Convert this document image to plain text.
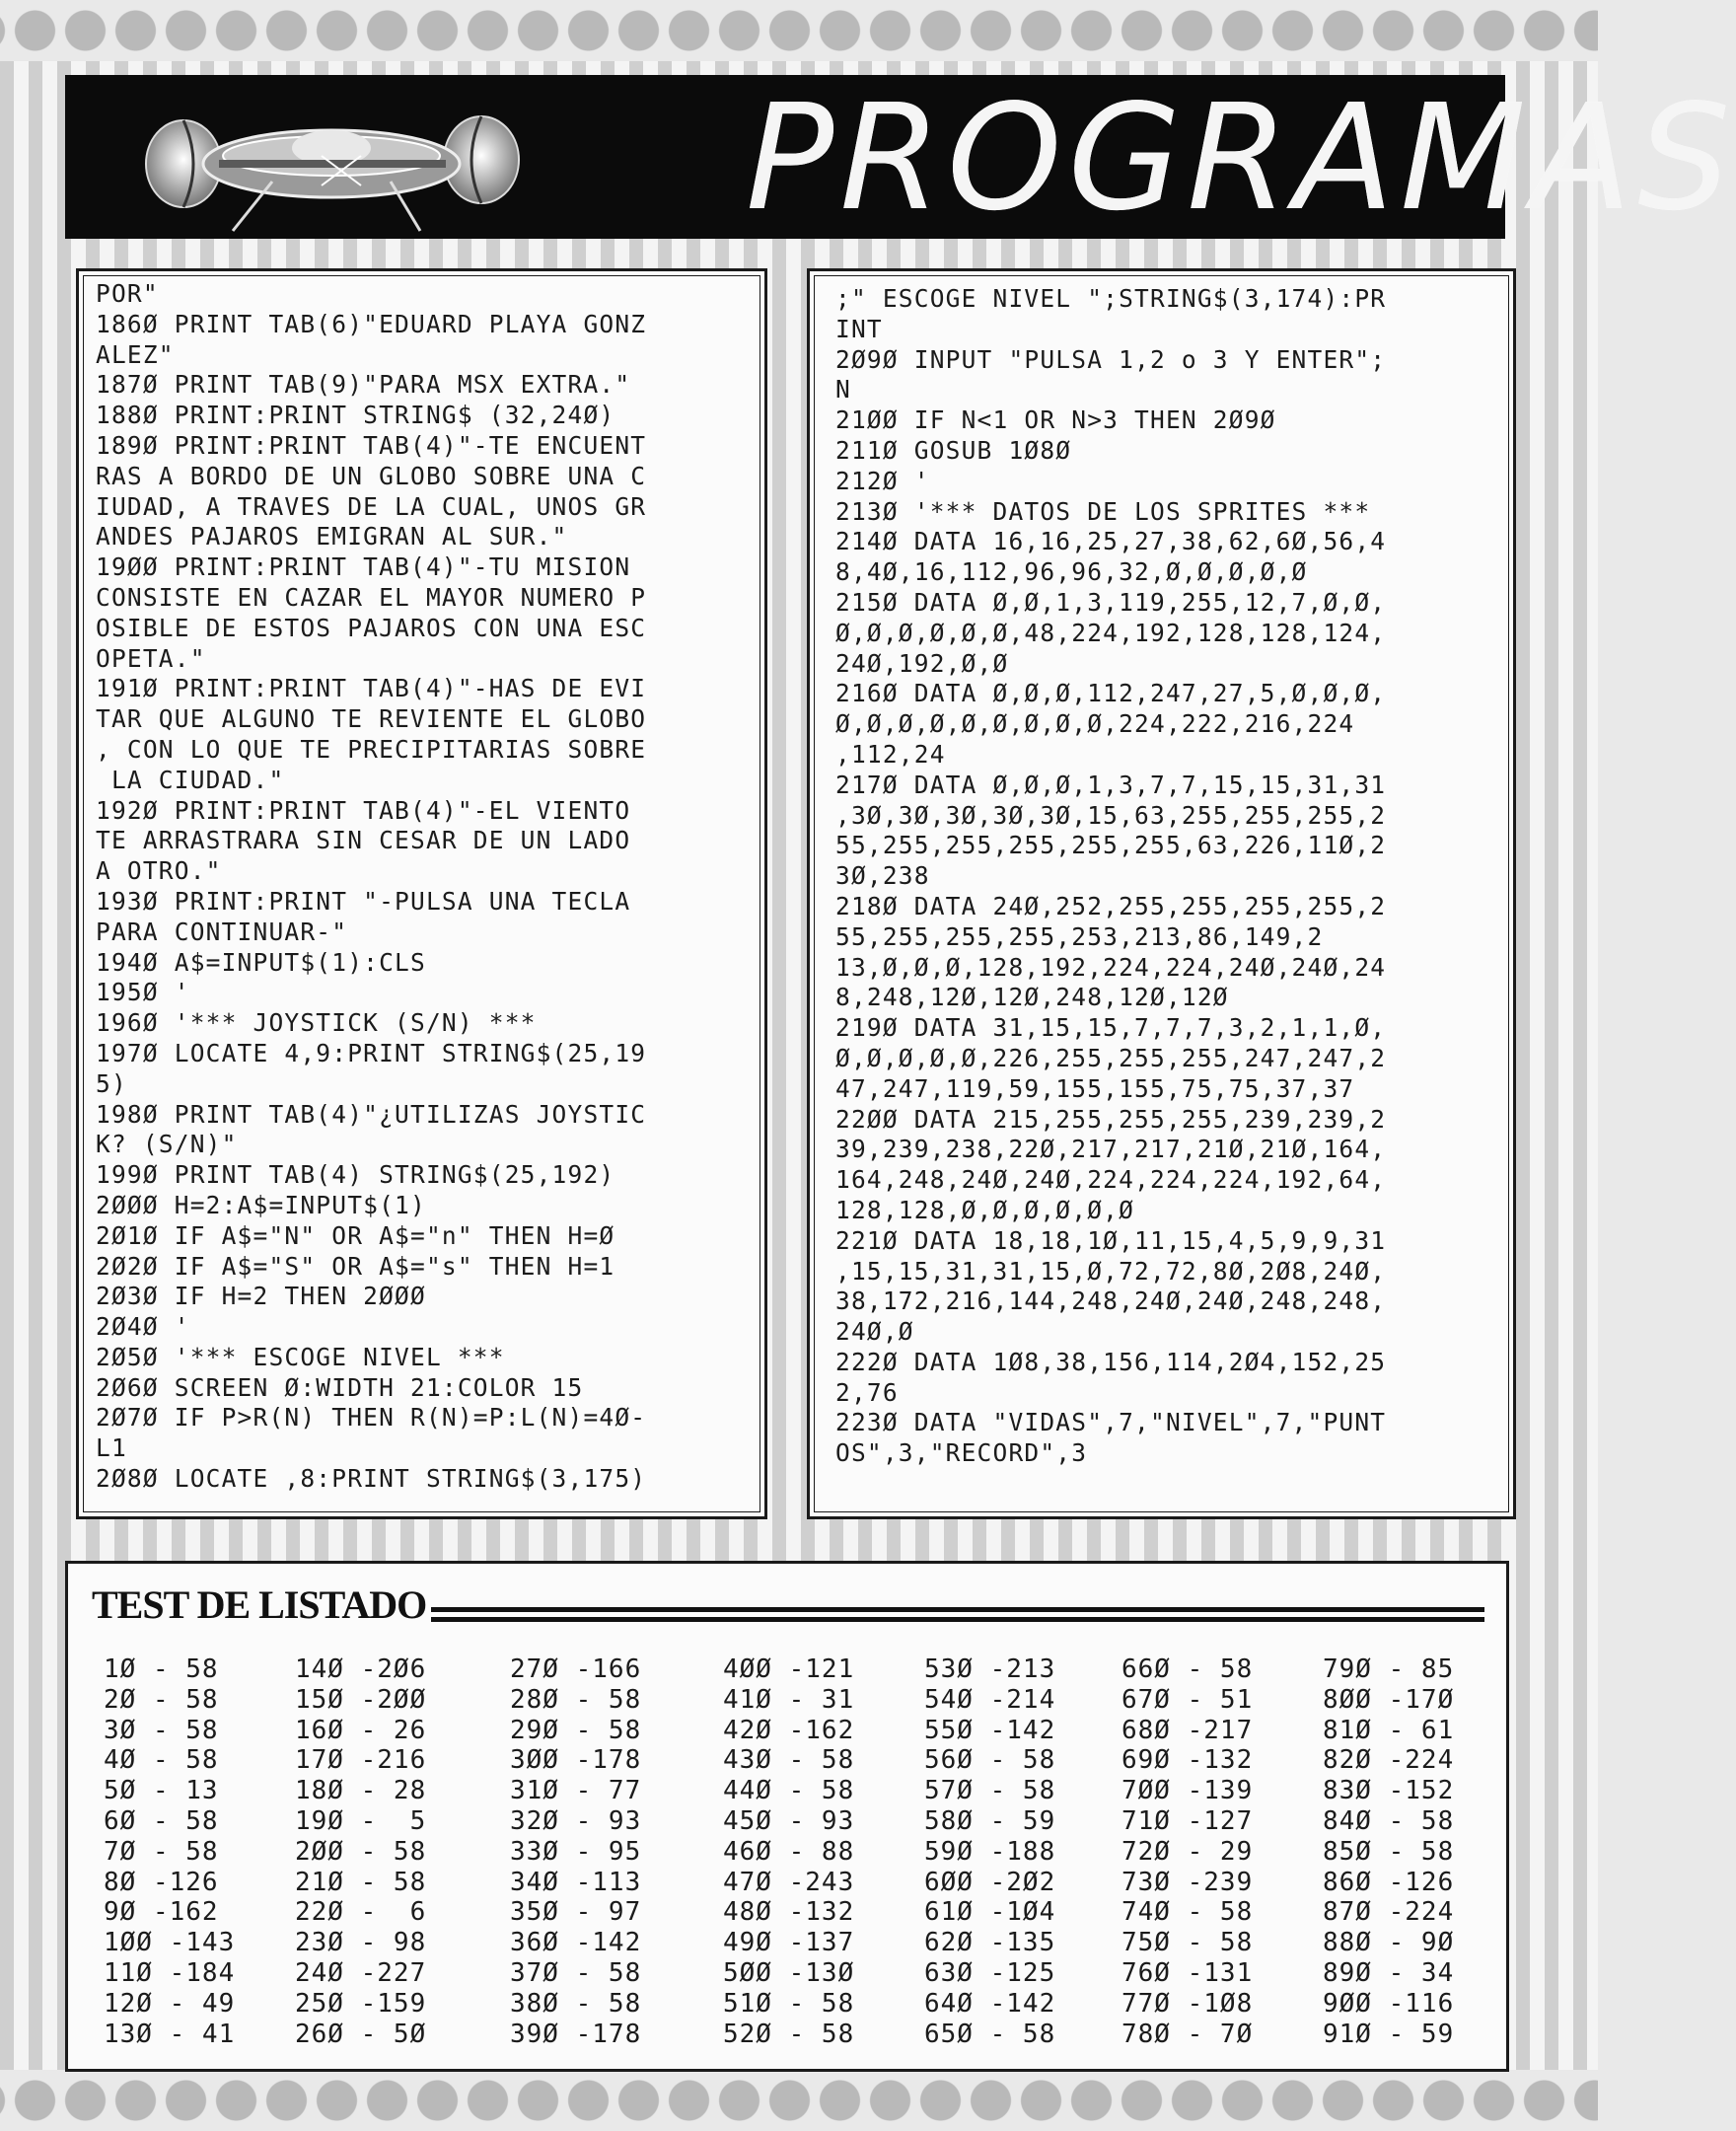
PROGRAMAS
POR"
186Ø PRINT TAB(6)"EDUARD PLAYA GONZ
ALEZ"
187Ø PRINT TAB(9)"PARA MSX EXTRA."
188Ø PRINT:PRINT STRING$ (32,24Ø)
189Ø PRINT:PRINT TAB(4)"-TE ENCUENT
RAS A BORDO DE UN GLOBO SOBRE UNA C
IUDAD, A TRAVES DE LA CUAL, UNOS GR
ANDES PAJAROS EMIGRAN AL SUR."
19ØØ PRINT:PRINT TAB(4)"-TU MISION
CONSISTE EN CAZAR EL MAYOR NUMERO P
OSIBLE DE ESTOS PAJAROS CON UNA ESC
OPETA."
191Ø PRINT:PRINT TAB(4)"-HAS DE EVI
TAR QUE ALGUNO TE REVIENTE EL GLOBO
, CON LO QUE TE PRECIPITARIAS SOBRE
LA CIUDAD."
192Ø PRINT:PRINT TAB(4)"-EL VIENTO
TE ARRASTRARA SIN CESAR DE UN LADO
A OTRO."
193Ø PRINT:PRINT "-PULSA UNA TECLA
PARA CONTINUAR-"
194Ø A$=INPUT$(1):CLS
195Ø '
196Ø '*** JOYSTICK (S/N) ***
197Ø LOCATE 4,9:PRINT STRING$(25,19
5)
198Ø PRINT TAB(4)"¿UTILIZAS JOYSTIC
K? (S/N)"
199Ø PRINT TAB(4) STRING$(25,192)
2ØØØ H=2:A$=INPUT$(1)
2Ø1Ø IF A$="N" OR A$="n" THEN H=Ø
2Ø2Ø IF A$="S" OR A$="s" THEN H=1
2Ø3Ø IF H=2 THEN 2ØØØ
2Ø4Ø '
2Ø5Ø '*** ESCOGE NIVEL ***
2Ø6Ø SCREEN Ø:WIDTH 21:COLOR 15
2Ø7Ø IF P>R(N) THEN R(N)=P:L(N)=4Ø-
L1
2Ø8Ø LOCATE ,8:PRINT STRING$(3,175)
;" ESCOGE NIVEL ";STRING$(3,174):PR
INT
2Ø9Ø INPUT "PULSA 1,2 o 3 Y ENTER";
N
21ØØ IF N<1 OR N>3 THEN 2Ø9Ø
211Ø GOSUB 1Ø8Ø
212Ø '
213Ø '*** DATOS DE LOS SPRITES ***
214Ø DATA 16,16,25,27,38,62,6Ø,56,4
8,4Ø,16,112,96,96,32,Ø,Ø,Ø,Ø,Ø
215Ø DATA Ø,Ø,1,3,119,255,12,7,Ø,Ø,
Ø,Ø,Ø,Ø,Ø,Ø,48,224,192,128,128,124,
24Ø,192,Ø,Ø
216Ø DATA Ø,Ø,Ø,112,247,27,5,Ø,Ø,Ø,
Ø,Ø,Ø,Ø,Ø,Ø,Ø,Ø,Ø,224,222,216,224
,112,24
217Ø DATA Ø,Ø,Ø,1,3,7,7,15,15,31,31
,3Ø,3Ø,3Ø,3Ø,3Ø,15,63,255,255,255,2
55,255,255,255,255,255,63,226,11Ø,2
3Ø,238
218Ø DATA 24Ø,252,255,255,255,255,2
55,255,255,255,253,213,86,149,2
13,Ø,Ø,Ø,128,192,224,224,24Ø,24Ø,24
8,248,12Ø,12Ø,248,12Ø,12Ø
219Ø DATA 31,15,15,7,7,7,3,2,1,1,Ø,
Ø,Ø,Ø,Ø,Ø,226,255,255,255,247,247,2
47,247,119,59,155,155,75,75,37,37
22ØØ DATA 215,255,255,255,239,239,2
39,239,238,22Ø,217,217,21Ø,21Ø,164,
164,248,24Ø,24Ø,224,224,224,192,64,
128,128,Ø,Ø,Ø,Ø,Ø,Ø
221Ø DATA 18,18,1Ø,11,15,4,5,9,9,31
,15,15,31,31,15,Ø,72,72,8Ø,2Ø8,24Ø,
38,172,216,144,248,24Ø,24Ø,248,248,
24Ø,Ø
222Ø DATA 1Ø8,38,156,114,2Ø4,152,25
2,76
223Ø DATA "VIDAS",7,"NIVEL",7,"PUNT
OS",3,"RECORD",3
TEST DE LISTADO
1Ø - 58
2Ø - 58
3Ø - 58
4Ø - 58
5Ø - 13
6Ø - 58
7Ø - 58
8Ø -126
9Ø -162
1ØØ -143
11Ø -184
12Ø - 49
13Ø - 41
14Ø -2Ø6
15Ø -2ØØ
16Ø - 26
17Ø -216
18Ø - 28
19Ø -  5
2ØØ - 58
21Ø - 58
22Ø -  6
23Ø - 98
24Ø -227
25Ø -159
26Ø - 5Ø
27Ø -166
28Ø - 58
29Ø - 58
3ØØ -178
31Ø - 77
32Ø - 93
33Ø - 95
34Ø -113
35Ø - 97
36Ø -142
37Ø - 58
38Ø - 58
39Ø -178
4ØØ -121
41Ø - 31
42Ø -162
43Ø - 58
44Ø - 58
45Ø - 93
46Ø - 88
47Ø -243
48Ø -132
49Ø -137
5ØØ -13Ø
51Ø - 58
52Ø - 58
53Ø -213
54Ø -214
55Ø -142
56Ø - 58
57Ø - 58
58Ø - 59
59Ø -188
6ØØ -2Ø2
61Ø -1Ø4
62Ø -135
63Ø -125
64Ø -142
65Ø - 58
66Ø - 58
67Ø - 51
68Ø -217
69Ø -132
7ØØ -139
71Ø -127
72Ø - 29
73Ø -239
74Ø - 58
75Ø - 58
76Ø -131
77Ø -1Ø8
78Ø - 7Ø
79Ø - 85
8ØØ -17Ø
81Ø - 61
82Ø -224
83Ø -152
84Ø - 58
85Ø - 58
86Ø -126
87Ø -224
88Ø - 9Ø
89Ø - 34
9ØØ -116
91Ø - 59
